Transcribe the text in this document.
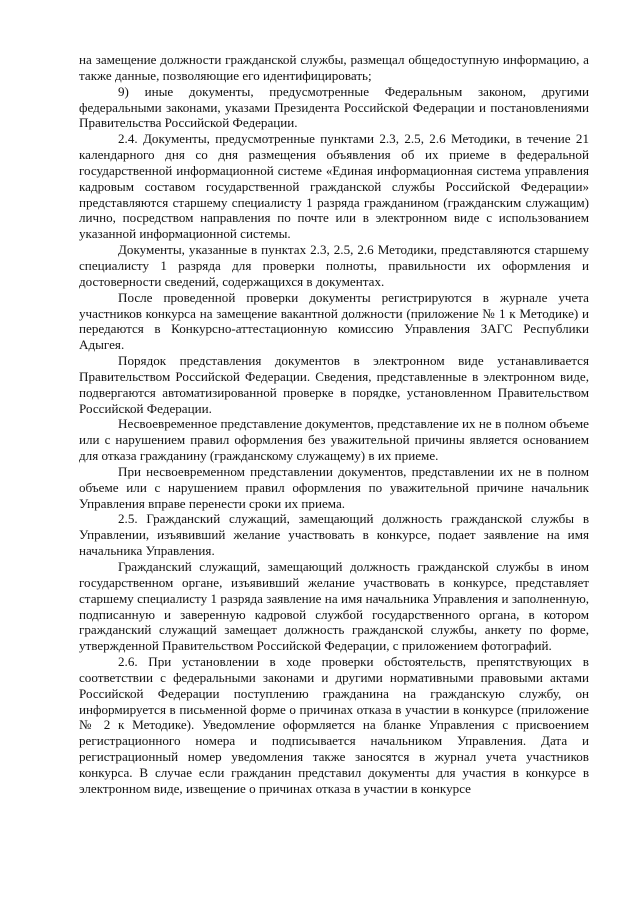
на замещение должности гражданской службы, размещал общедоступную информацию, а также данные, позволяющие его идентифицировать;

9) иные документы, предусмотренные Федеральным законом, другими федеральными законами, указами Президента Российской Федерации и постановлениями Правительства Российской Федерации.

2.4. Документы, предусмотренные пунктами 2.3, 2.5, 2.6 Методики, в течение 21 календарного дня со дня размещения объявления об их приеме в федеральной государственной информационной системе «Единая информационная система управления кадровым составом государственной гражданской службы Российской Федерации» представляются старшему специалисту 1 разряда гражданином (гражданским служащим) лично, посредством направления по почте или в электронном виде с использованием указанной информационной системы.

Документы, указанные в пунктах 2.3, 2.5, 2.6 Методики, представляются старшему специалисту 1 разряда для проверки полноты, правильности их оформления и достоверности сведений, содержащихся в документах.

После проведенной проверки документы регистрируются в журнале учета участников конкурса на замещение вакантной должности (приложение № 1 к Методике) и передаются в Конкурсно-аттестационную комиссию Управления ЗАГС Республики Адыгея.

Порядок представления документов в электронном виде устанавливается Правительством Российской Федерации. Сведения, представленные в электронном виде, подвергаются автоматизированной проверке в порядке, установленном Правительством Российской Федерации.

Несвоевременное представление документов, представление их не в полном объеме или с нарушением правил оформления без уважительной причины является основанием для отказа гражданину (гражданскому служащему) в их приеме.

При несвоевременном представлении документов, представлении их не в полном объеме или с нарушением правил оформления по уважительной причине начальник Управления вправе перенести сроки их приема.

2.5. Гражданский служащий, замещающий должность гражданской службы в Управлении, изъявивший желание участвовать в конкурсе, подает заявление на имя начальника Управления.

Гражданский служащий, замещающий должность гражданской службы в ином государственном органе, изъявивший желание участвовать в конкурсе, представляет старшему специалисту 1 разряда заявление на имя начальника Управления и заполненную, подписанную и заверенную кадровой службой государственного органа, в котором гражданский служащий замещает должность гражданской службы, анкету по форме, утвержденной Правительством Российской Федерации, с приложением фотографий.

2.6. При установлении в ходе проверки обстоятельств, препятствующих в соответствии с федеральными законами и другими нормативными правовыми актами Российской Федерации поступлению гражданина на гражданскую службу, он информируется в письменной форме о причинах отказа в участии в конкурсе (приложение № 2 к Методике). Уведомление оформляется на бланке Управления с присвоением регистрационного номера и подписывается начальником Управления. Дата и регистрационный номер уведомления также заносятся в журнал учета участников конкурса. В случае если гражданин представил документы для участия в конкурсе в электронном виде, извещение о причинах отказа в участии в конкурсе
